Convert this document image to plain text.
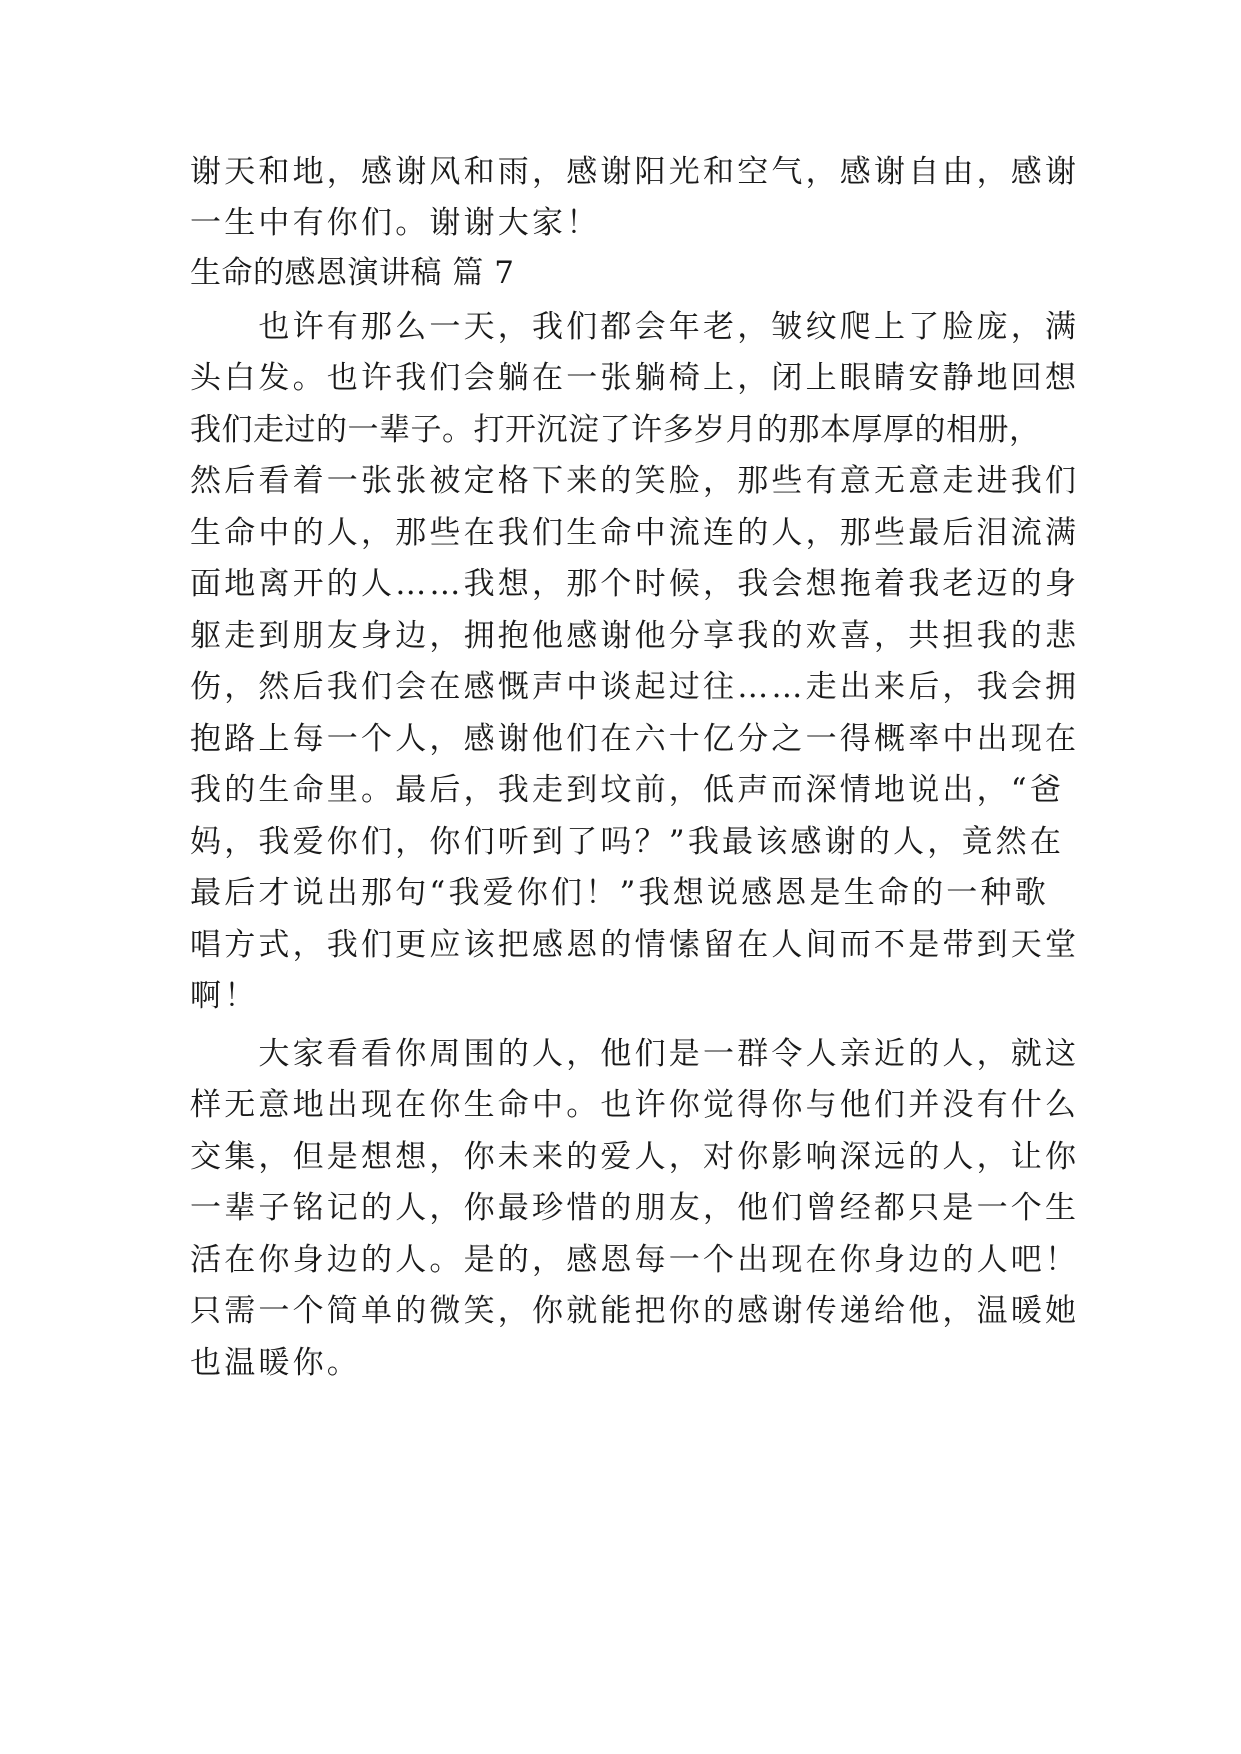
谢天和地，感谢风和雨，感谢阳光和空气，感谢自由，感谢
一生中有你们。谢谢大家！
生命的感恩演讲稿 篇 7
　　也许有那么一天，我们都会年老，皱纹爬上了脸庞，满
头白发。也许我们会躺在一张躺椅上，闭上眼睛安静地回想
我们走过的一辈子。打开沉淀了许多岁月的那本厚厚的相册，
然后看着一张张被定格下来的笑脸，那些有意无意走进我们
生命中的人，那些在我们生命中流连的人，那些最后泪流满
面地离开的人……我想，那个时候，我会想拖着我老迈的身
躯走到朋友身边，拥抱他感谢他分享我的欢喜，共担我的悲
伤，然后我们会在感慨声中谈起过往……走出来后，我会拥
抱路上每一个人，感谢他们在六十亿分之一得概率中出现在
我的生命里。最后，我走到坟前，低声而深情地说出，“爸
妈，我爱你们，你们听到了吗？”我最该感谢的人，竟然在
最后才说出那句“我爱你们！”我想说感恩是生命的一种歌
唱方式，我们更应该把感恩的情愫留在人间而不是带到天堂
啊！
　　大家看看你周围的人，他们是一群令人亲近的人，就这
样无意地出现在你生命中。也许你觉得你与他们并没有什么
交集，但是想想，你未来的爱人，对你影响深远的人，让你
一辈子铭记的人，你最珍惜的朋友，他们曾经都只是一个生
活在你身边的人。是的，感恩每一个出现在你身边的人吧！
只需一个简单的微笑，你就能把你的感谢传递给他，温暖她
也温暖你。
